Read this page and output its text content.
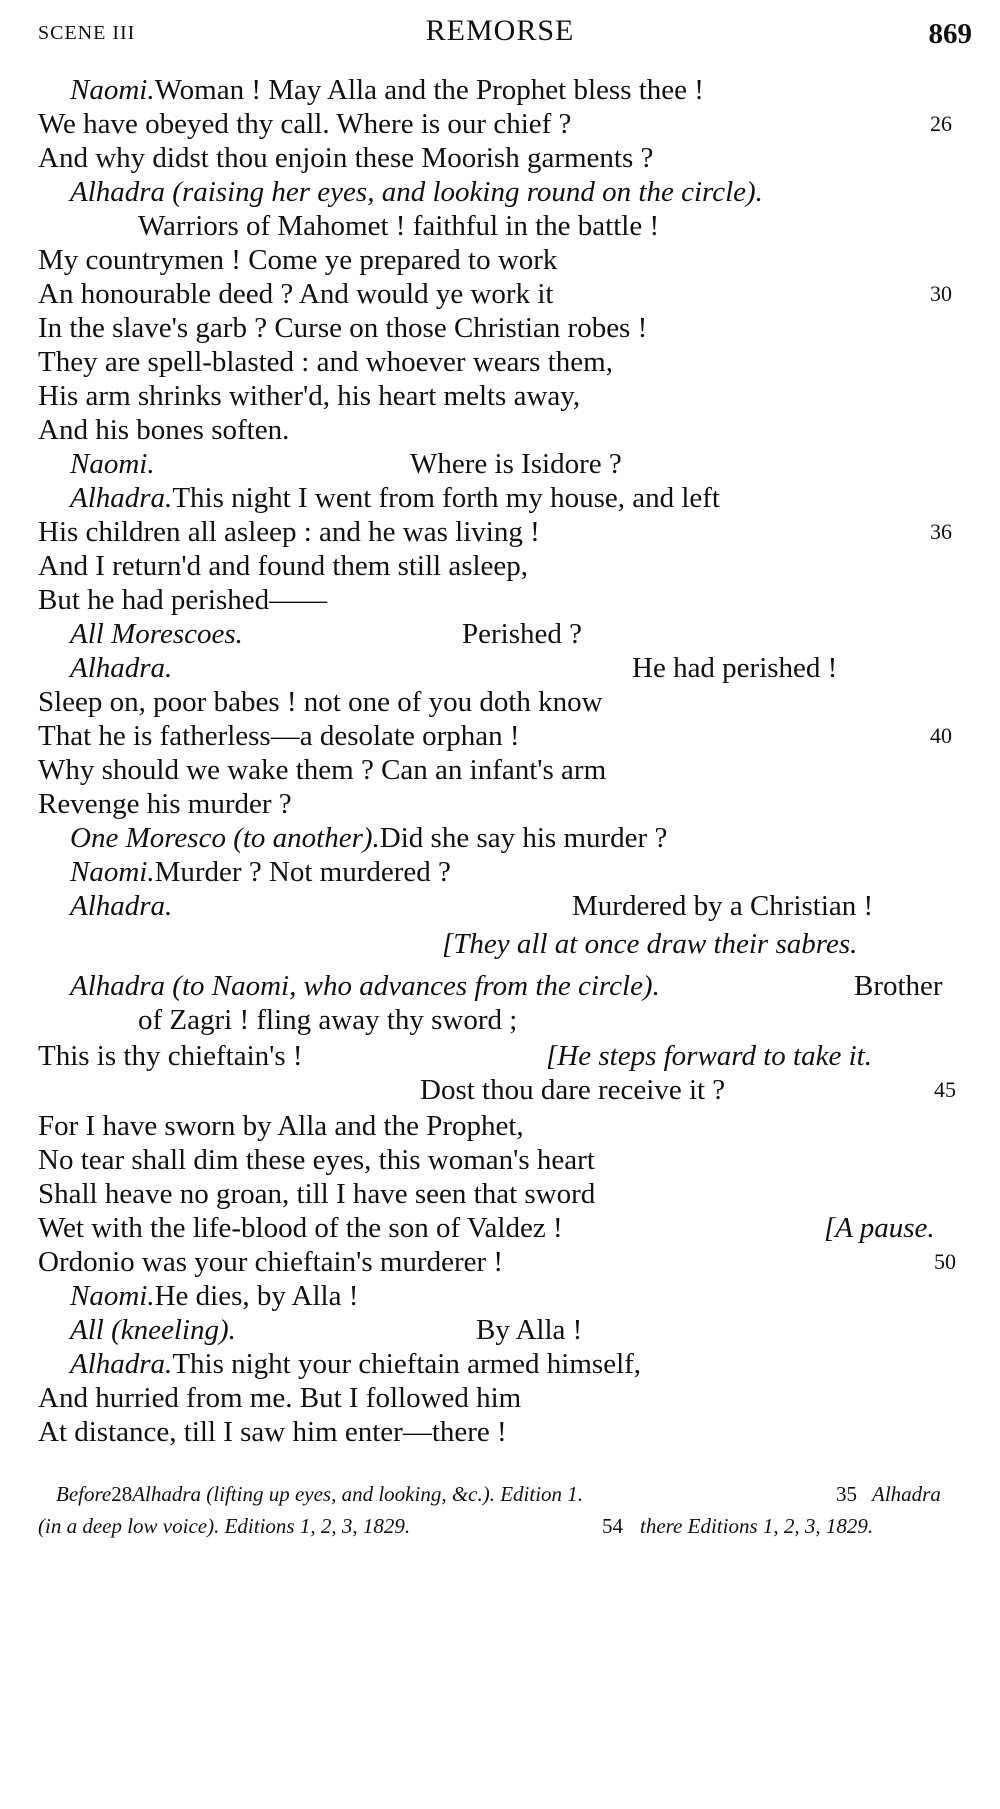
SCENE III	REMORSE	869
Naomi.Woman ! May Alla and the Prophet bless thee !
We have obeyed thy call. Where is our chief ?	26
And why didst thou enjoin these Moorish garments ?
Alhadra (raising her eyes, and looking round on the circle).
Warriors of Mahomet ! faithful in the battle !
My countrymen ! Come ye prepared to work
An honourable deed ? And would ye work it	30
In the slave's garb ? Curse on those Christian robes !
They are spell-blasted : and whoever wears them,
His arm shrinks wither'd, his heart melts away,
And his bones soften.
Naomi.	Where is Isidore ?
Alhadra.This night I went from forth my house, and left
His children all asleep : and he was living !	36
And I return'd and found them still asleep,
But he had perished——
All Morescoes.	Perished ?
Alhadra.	He had perished !
Sleep on, poor babes ! not one of you doth know
That he is fatherless—a desolate orphan !	40
Why should we wake them ? Can an infant's arm
Revenge his murder ?
One Moresco (to another).Did she say his murder ?
Naomi.Murder ? Not murdered ?
Alhadra.	Murdered by a Christian !
[They all at once draw their sabres.
Alhadra (to Naomi, who advances from the circle).	Brother
of Zagri ! fling away thy sword ;
This is thy chieftain's !	[He steps forward to take it.
Dost thou dare receive it ?	45
For I have sworn by Alla and the Prophet,
No tear shall dim these eyes, this woman's heart
Shall heave no groan, till I have seen that sword
Wet with the life-blood of the son of Valdez !	[A pause.
Ordonio was your chieftain's murderer !	50
Naomi.He dies, by Alla !
All (kneeling).	By Alla !
Alhadra.This night your chieftain armed himself,
And hurried from me. But I followed him
At distance, till I saw him enter—there !
Before28Alhadra (lifting up eyes, and looking, &c.). Edition 1.	35 Alhadra
(in a deep low voice). Editions 1, 2, 3, 1829.	54 there Editions 1, 2, 3, 1829.
